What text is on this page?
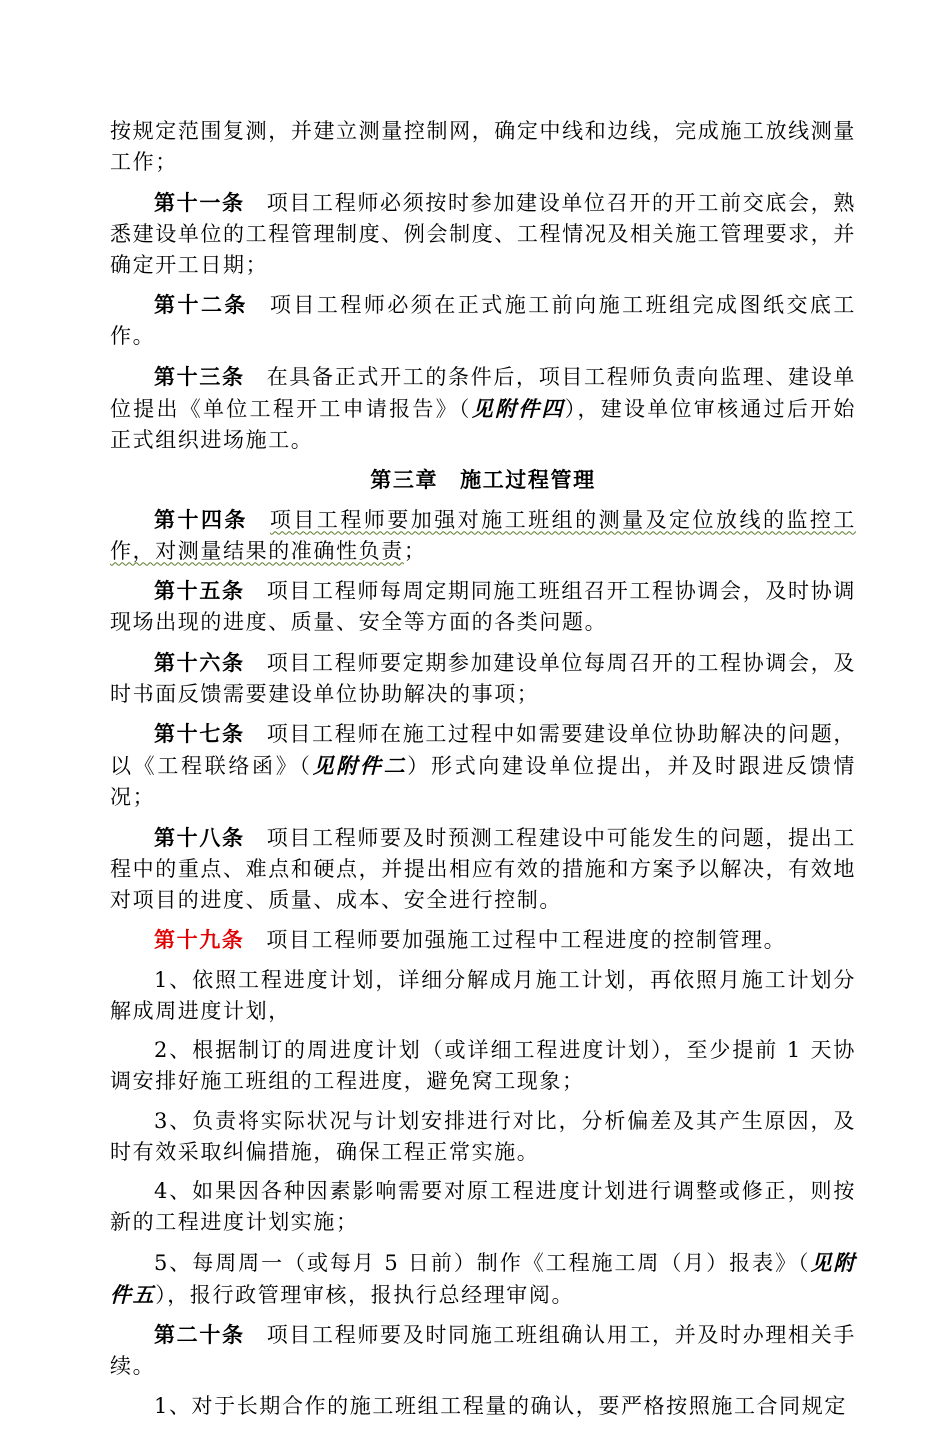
按规定范围复测，并建立测量控制网，确定中线和边线，完成施工放线测量工作；

第十一条 项目工程师必须按时参加建设单位召开的开工前交底会，熟悉建设单位的工程管理制度、例会制度、工程情况及相关施工管理要求，并确定开工日期；

第十二条 项目工程师必须在正式施工前向施工班组完成图纸交底工作。

第十三条 在具备正式开工的条件后，项目工程师负责向监理、建设单位提出《单位工程开工申请报告》（见附件四），建设单位审核通过后开始正式组织进场施工。

第三章 施工过程管理

第十四条 项目工程师要加强对施工班组的测量及定位放线的监控工作，对测量结果的准确性负责；

第十五条 项目工程师每周定期同施工班组召开工程协调会，及时协调现场出现的进度、质量、安全等方面的各类问题。

第十六条 项目工程师要定期参加建设单位每周召开的工程协调会，及时书面反馈需要建设单位协助解决的事项；

第十七条 项目工程师在施工过程中如需要建设单位协助解决的问题，以《工程联络函》（见附件二）形式向建设单位提出，并及时跟进反馈情况；

第十八条 项目工程师要及时预测工程建设中可能发生的问题，提出工程中的重点、难点和硬点，并提出相应有效的措施和方案予以解决，有效地对项目的进度、质量、成本、安全进行控制。

第十九条 项目工程师要加强施工过程中工程进度的控制管理。

1、依照工程进度计划，详细分解成月施工计划，再依照月施工计划分解成周进度计划，

2、根据制订的周进度计划（或详细工程进度计划），至少提前 1 天协调安排好施工班组的工程进度，避免窝工现象；

3、负责将实际状况与计划安排进行对比，分析偏差及其产生原因，及时有效采取纠偏措施，确保工程正常实施。

4、如果因各种因素影响需要对原工程进度计划进行调整或修正，则按新的工程进度计划实施；

5、每周周一（或每月 5 日前）制作《工程施工周（月）报表》（见附件五），报行政管理审核，报执行总经理审阅。

第二十条 项目工程师要及时同施工班组确认用工，并及时办理相关手续。

1、对于长期合作的施工班组工程量的确认，要严格按照施工合同规定
